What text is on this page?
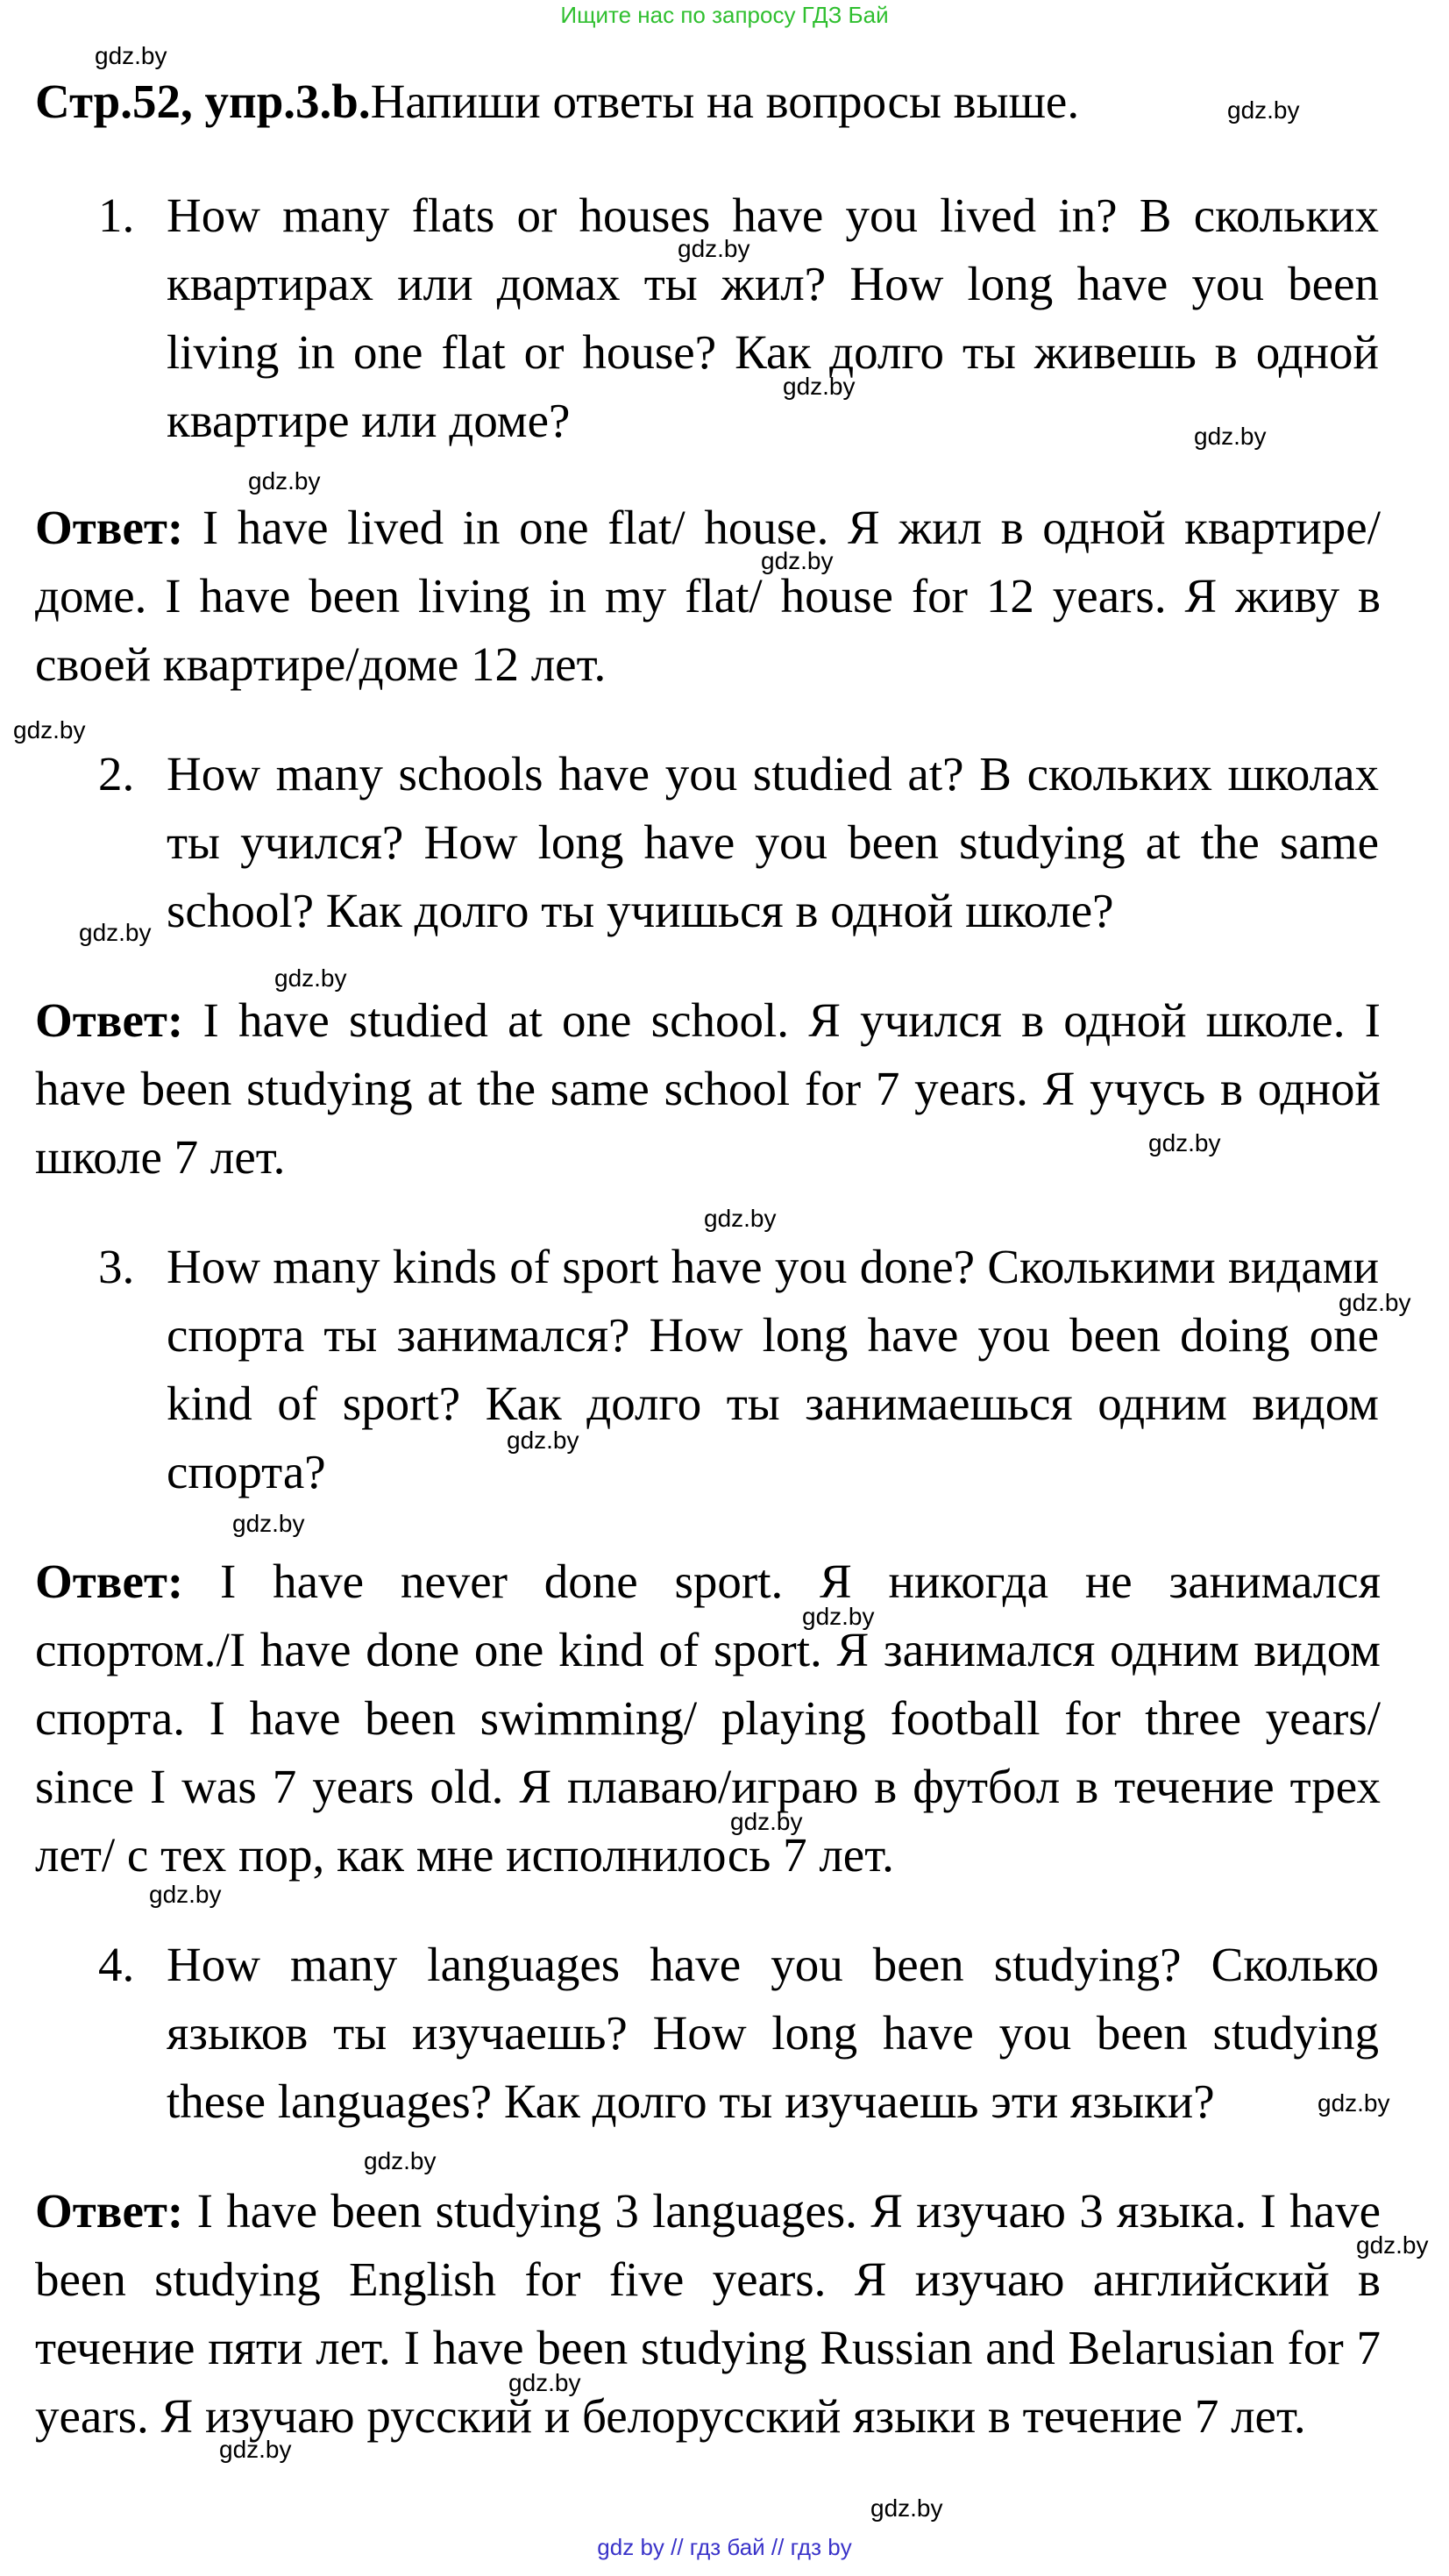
Ищите нас по запросу ГДЗ Бай
Стр.52, упр.3.b.Напиши ответы на вопросы выше.
1. How many flats or houses have you lived in? В скольких квартирах или домах ты жил? How long have you been living in one flat or house? Как долго ты живешь в одной квартире или доме?
Ответ: I have lived in one flat/ house. Я жил в одной квартире/доме. I have been living in my flat/ house for 12 years. Я живу в своей квартире/доме 12 лет.
2. How many schools have you studied at? В скольких школах ты учился? How long have you been studying at the same school? Как долго ты учишься в одной школе?
Ответ: I have studied at one school. Я учился в одной школе. I have been studying at the same school for 7 years. Я учусь в одной школе 7 лет.
3. How many kinds of sport have you done? Сколькими видами спорта ты занимался? How long have you been doing one kind of sport? Как долго ты занимаешься одним видом спорта?
Ответ: I have never done sport. Я никогда не занимался спортом./I have done one kind of sport. Я занимался одним видом спорта. I have been swimming/ playing football for three years/ since I was 7 years old. Я плаваю/играю в футбол в течение трех лет/ с тех пор, как мне исполнилось 7 лет.
4. How many languages have you been studying? Сколько языков ты изучаешь? How long have you been studying these languages? Как долго ты изучаешь эти языки?
Ответ: I have been studying 3 languages. Я изучаю 3 языка. I have been studying English for five years. Я изучаю английский в течение пяти лет. I have been studying Russian and Belarusian for 7 years. Я изучаю русский и белорусский языки в течение 7 лет.
gdz.by
gdz.by
gdz.by
gdz.by
gdz.by
gdz.by
gdz.by
gdz.by
gdz.by
gdz.by
gdz.by
gdz.by
gdz.by
gdz.by
gdz.by
gdz.by
gdz.by
gdz.by
gdz.by
gdz.by
gdz.by
gdz.by
gdz.by
gdz.by
gdz by // гдз бай // гдз by
